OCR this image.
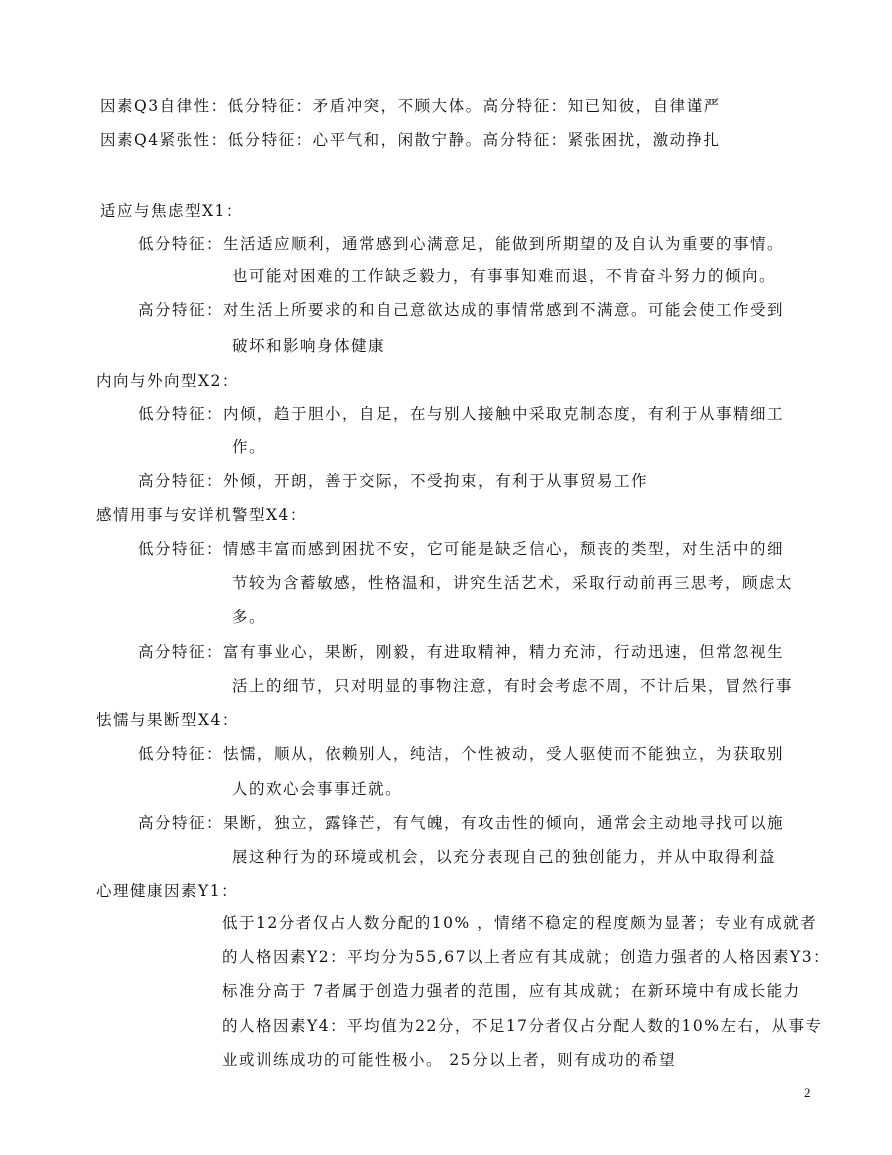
因素Q3自律性：低分特征：矛盾冲突，不顾大体。高分特征：知已知彼，自律谨严
因素Q4紧张性：低分特征：心平气和，闲散宁静。高分特征：紧张困扰，激动挣扎
适应与焦虑型X1：
低分特征：生活适应顺利，通常感到心满意足，能做到所期望的及自认为重要的事情。
也可能对困难的工作缺乏毅力，有事事知难而退，不肯奋斗努力的倾向。
高分特征：对生活上所要求的和自己意欲达成的事情常感到不满意。可能会使工作受到
破坏和影响身体健康
内向与外向型X2：
低分特征：内倾，趋于胆小，自足，在与别人接触中采取克制态度，有利于从事精细工
作。
高分特征：外倾，开朗，善于交际，不受拘束，有利于从事贸易工作
感情用事与安详机警型X4：
低分特征：情感丰富而感到困扰不安，它可能是缺乏信心，颓丧的类型，对生活中的细
节较为含蓄敏感，性格温和，讲究生活艺术，采取行动前再三思考，顾虑太
多。
高分特征：富有事业心，果断，刚毅，有进取精神，精力充沛，行动迅速，但常忽视生
活上的细节，只对明显的事物注意，有时会考虑不周，不计后果，冒然行事
怯懦与果断型X4：
低分特征：怯懦，顺从，依赖别人，纯洁，个性被动，受人驱使而不能独立，为获取别
人的欢心会事事迁就。
高分特征：果断，独立，露锋芒，有气魄，有攻击性的倾向，通常会主动地寻找可以施
展这种行为的环境或机会，以充分表现自己的独创能力，并从中取得利益
心理健康因素Y1：
低于12分者仅占人数分配的10% ，情绪不稳定的程度颇为显著；专业有成就者
的人格因素Y2：平均分为55,67以上者应有其成就；创造力强者的人格因素Y3：
标准分高于 7者属于创造力强者的范围，应有其成就；在新环境中有成长能力
的人格因素Y4：平均值为22分，不足17分者仅占分配人数的10%左右，从事专
业或训练成功的可能性极小。 25分以上者，则有成功的希望
2
